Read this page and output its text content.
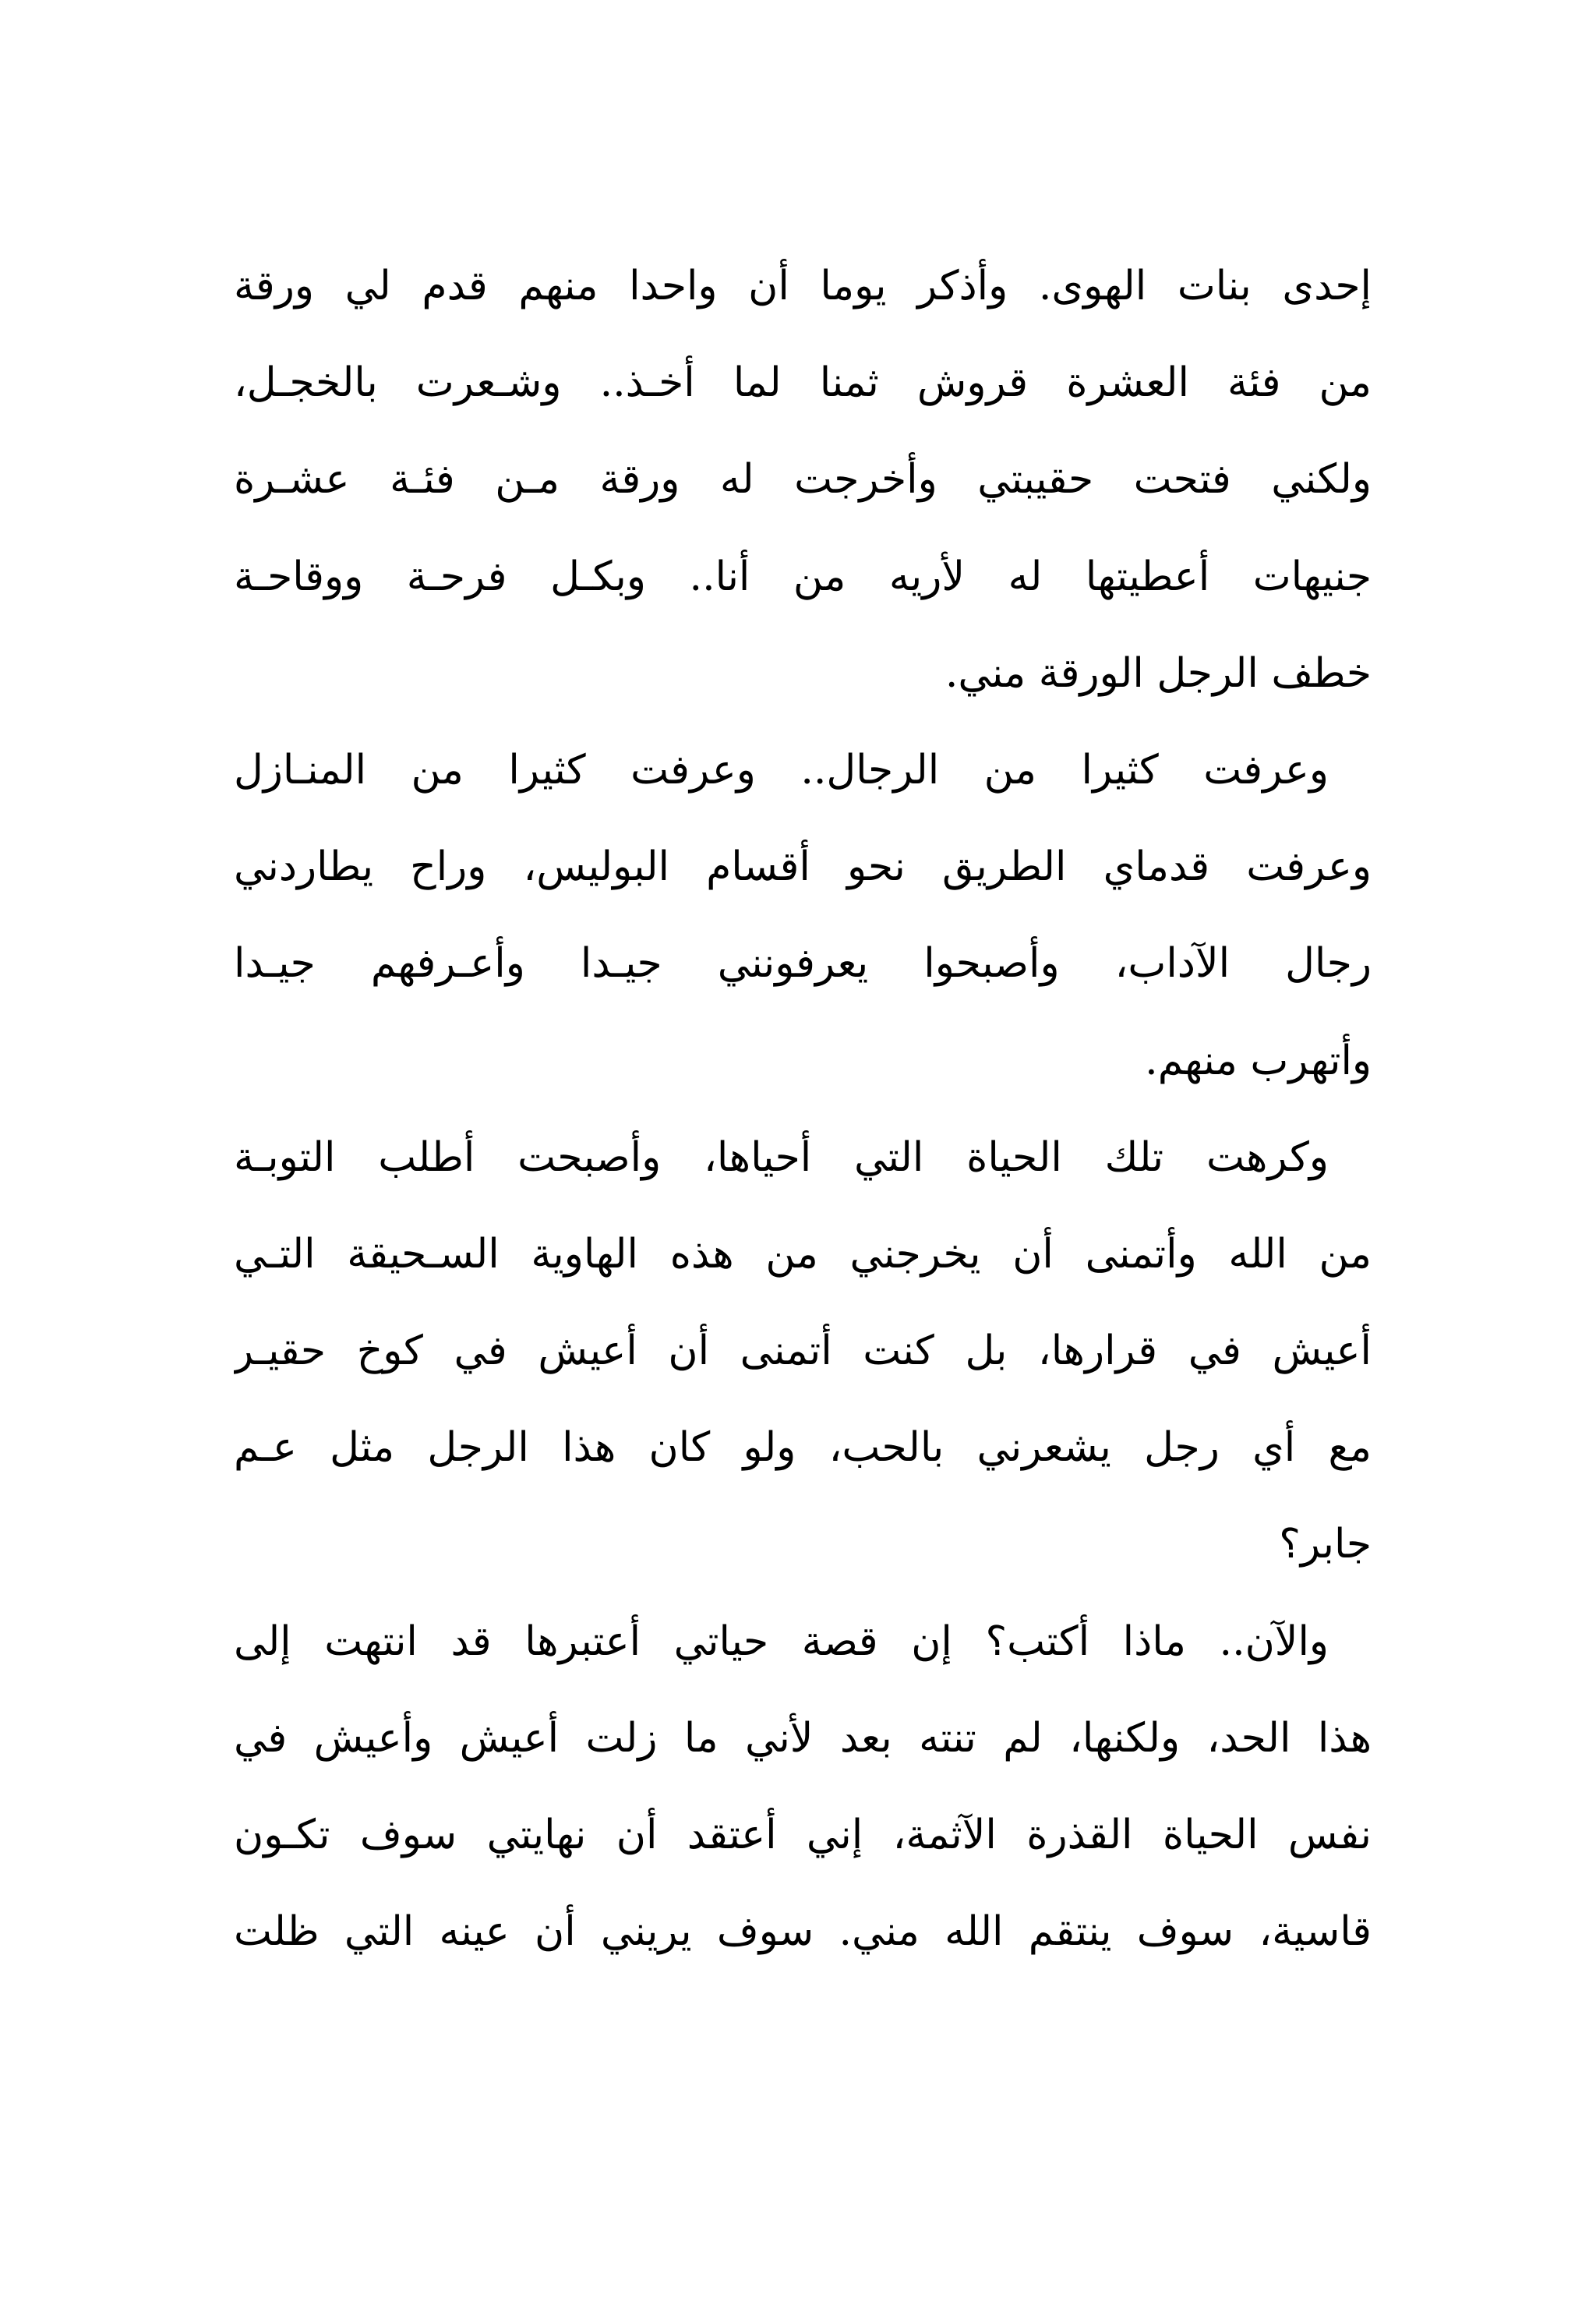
إحدى بنات الهوى. وأذكر يوما أن واحدا منهم قدم لي ورقة
من فئة العشرة قروش ثمنا لما أخـذ.. وشـعرت بالخجـل،
ولكني فتحت حقيبتي وأخرجت له ورقة مـن فئـة عشـرة
جنيهات أعطيتها له لأريه من أنا.. وبكـل فرحـة ووقاحـة
خطف الرجل الورقة مني.
وعرفت كثيرا من الرجال.. وعرفت كثيرا من المنـازل
وعرفت قدماي الطريق نحو أقسام البوليس، وراح يطاردني
رجال الآداب، وأصبحوا يعرفونني جيـدا وأعـرفهم جيـدا
وأتهرب منهم.
وكرهت تلك الحياة التي أحياها، وأصبحت أطلب التوبـة
من الله وأتمنى أن يخرجني من هذه الهاوية السـحيقة التـي
أعيش في قرارها، بل كنت أتمنى أن أعيش في كوخ حقيـر
مع أي رجل يشعرني بالحب، ولو كان هذا الرجل مثل عـم
جابر؟
والآن.. ماذا أكتب؟ إن قصة حياتي أعتبرها قد انتهت إلى
هذا الحد، ولكنها، لم تنته بعد لأني ما زلت أعيش وأعيش في
نفس الحياة القذرة الآثمة، إني أعتقد أن نهايتي سوف تكـون
قاسية، سوف ينتقم الله مني. سوف يريني أن عينه التي ظلت
